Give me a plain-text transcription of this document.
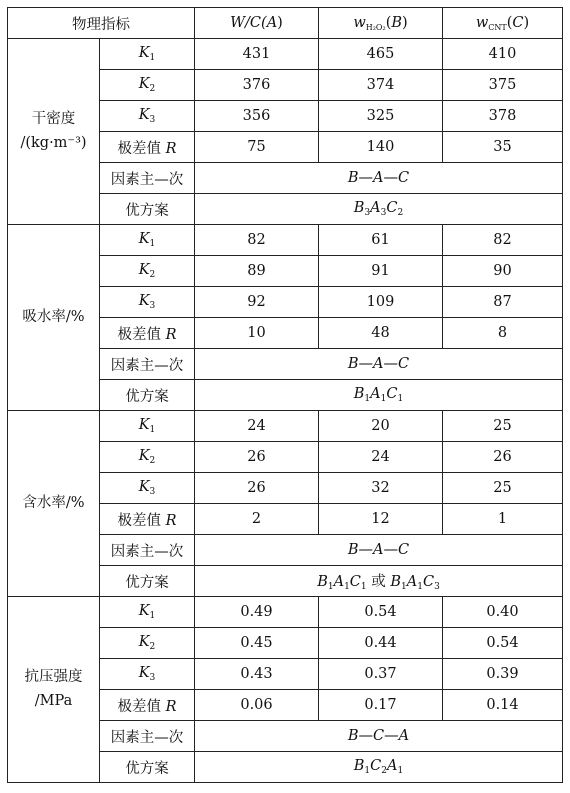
物理指标		W/C(A)	$w_{H_2O_2}(B)$	$w_{CNT}(C)$
干密度
/(kg·m⁻³)	$K_1$	431	465	410
	$K_2$	376	374	375
	$K_3$	356	325	378
	极差值 R	75	140	35
	因素主—次	B—A—C		
	优方案	$B_3A_3C_2$
吸水率/%	$K_1$	82	61	82
	$K_2$	89	91	90
	$K_3$	92	109	87
	极差值 R	10	48	8
	因素主—次	B—A—C		
	优方案	$B_1A_1C_1$
含水率/%	$K_1$	24	20	25
	$K_2$	26	24	26
	$K_3$	26	32	25
	极差值 R	2	12	1
	因素主—次	B—A—C		
	优方案	$B_1A_1C_1$ 或 $B_1A_1C_3$
抗压强度
/MPa	$K_1$	0.49	0.54	0.40
	$K_2$	0.45	0.44	0.54
	$K_3$	0.43	0.37	0.39
	极差值 R	0.06	0.17	0.14
	因素主—次	B—C—A		
	优方案	$B_1C_2A_1$
